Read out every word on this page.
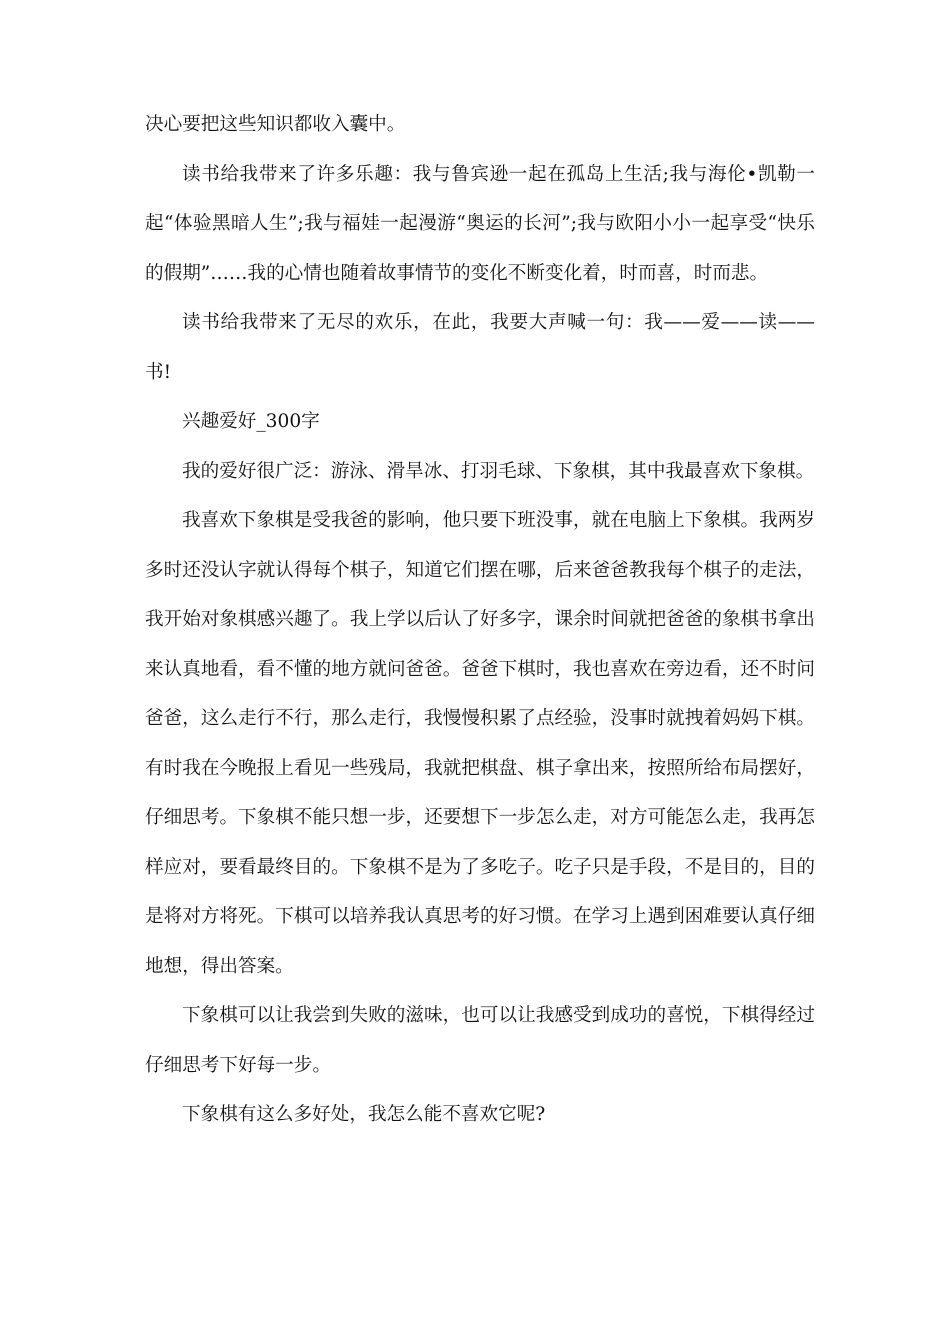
决心要把这些知识都收入囊中。

读书给我带来了许多乐趣：我与鲁宾逊一起在孤岛上生活;我与海伦•凯勒一起“体验黑暗人生”;我与福娃一起漫游“奥运的长河”;我与欧阳小小一起享受“快乐的假期”……我的心情也随着故事情节的变化不断变化着，时而喜，时而悲。

读书给我带来了无尽的欢乐，在此，我要大声喊一句：我——爱——读——书!

兴趣爱好_300字

我的爱好很广泛：游泳、滑旱冰、打羽毛球、下象棋，其中我最喜欢下象棋。

我喜欢下象棋是受我爸的影响，他只要下班没事，就在电脑上下象棋。我两岁多时还没认字就认得每个棋子，知道它们摆在哪，后来爸爸教我每个棋子的走法，我开始对象棋感兴趣了。我上学以后认了好多字，课余时间就把爸爸的象棋书拿出来认真地看，看不懂的地方就问爸爸。爸爸下棋时，我也喜欢在旁边看，还不时问爸爸，这么走行不行，那么走行，我慢慢积累了点经验，没事时就拽着妈妈下棋。有时我在今晚报上看见一些残局，我就把棋盘、棋子拿出来，按照所给布局摆好，仔细思考。下象棋不能只想一步，还要想下一步怎么走，对方可能怎么走，我再怎样应对，要看最终目的。下象棋不是为了多吃子。吃子只是手段，不是目的，目的是将对方将死。下棋可以培养我认真思考的好习惯。在学习上遇到困难要认真仔细地想，得出答案。

下象棋可以让我尝到失败的滋味，也可以让我感受到成功的喜悦，下棋得经过仔细思考下好每一步。

下象棋有这么多好处，我怎么能不喜欢它呢?
